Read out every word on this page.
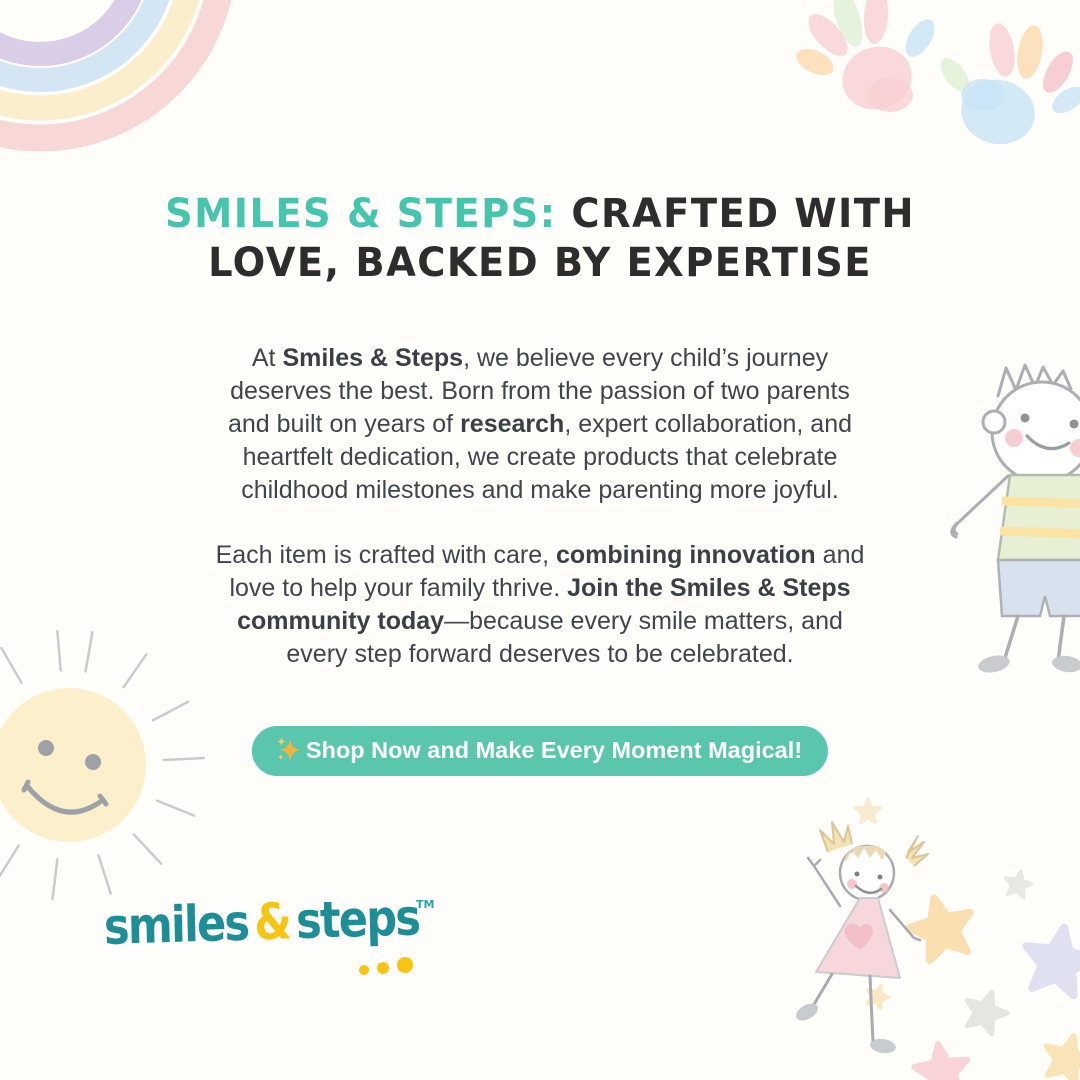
SMILES & STEPS: CRAFTED WITH
LOVE, BACKED BY EXPERTISE

At Smiles & Steps, we believe every child’s journey deserves the best. Born from the passion of two parents and built on years of research, expert collaboration, and heartfelt dedication, we create products that celebrate childhood milestones and make parenting more joyful.

Each item is crafted with care, combining innovation and love to help your family thrive. Join the Smiles & Steps community today—because every smile matters, and every step forward deserves to be celebrated.

Shop Now and Make Every Moment Magical!
smiles&steps
TM
